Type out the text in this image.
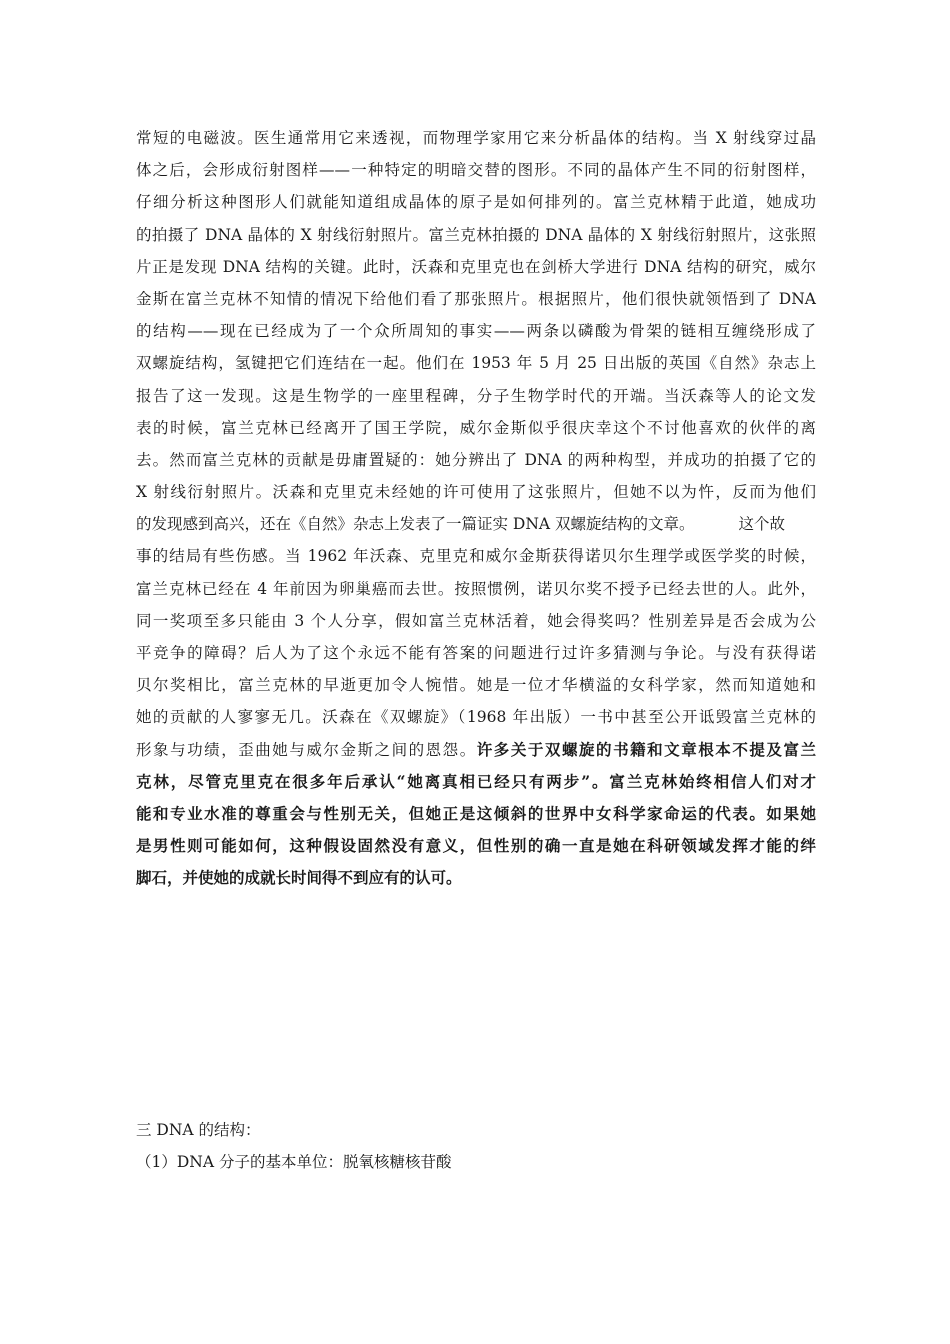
常短的电磁波。医生通常用它来透视，而物理学家用它来分析晶体的结构。当 X 射线穿过晶
体之后，会形成衍射图样——一种特定的明暗交替的图形。不同的晶体产生不同的衍射图样，
仔细分析这种图形人们就能知道组成晶体的原子是如何排列的。富兰克林精于此道，她成功
的拍摄了 DNA 晶体的 X 射线衍射照片。富兰克林拍摄的 DNA 晶体的 X 射线衍射照片，这张照
片正是发现 DNA 结构的关键。此时，沃森和克里克也在剑桥大学进行 DNA 结构的研究，威尔
金斯在富兰克林不知情的情况下给他们看了那张照片。根据照片，他们很快就领悟到了 DNA
的结构——现在已经成为了一个众所周知的事实——两条以磷酸为骨架的链相互缠绕形成了
双螺旋结构，氢键把它们连结在一起。他们在 1953 年 5 月 25 日出版的英国《自然》杂志上
报告了这一发现。这是生物学的一座里程碑，分子生物学时代的开端。当沃森等人的论文发
表的时候，富兰克林已经离开了国王学院，威尔金斯似乎很庆幸这个不讨他喜欢的伙伴的离
去。然而富兰克林的贡献是毋庸置疑的：她分辨出了 DNA 的两种构型，并成功的拍摄了它的
X 射线衍射照片。沃森和克里克未经她的许可使用了这张照片，但她不以为忤，反而为他们
的发现感到高兴，还在《自然》杂志上发表了一篇证实 DNA 双螺旋结构的文章。	这个故
事的结局有些伤感。当 1962 年沃森、克里克和威尔金斯获得诺贝尔生理学或医学奖的时候，
富兰克林已经在 4 年前因为卵巢癌而去世。按照惯例，诺贝尔奖不授予已经去世的人。此外，
同一奖项至多只能由 3 个人分享，假如富兰克林活着，她会得奖吗？性别差异是否会成为公
平竞争的障碍？后人为了这个永远不能有答案的问题进行过许多猜测与争论。与没有获得诺
贝尔奖相比，富兰克林的早逝更加令人惋惜。她是一位才华横溢的女科学家，然而知道她和
她的贡献的人寥寥无几。沃森在《双螺旋》（1968 年出版）一书中甚至公开诋毁富兰克林的
形象与功绩，歪曲她与威尔金斯之间的恩怨。许多关于双螺旋的书籍和文章根本不提及富兰
克林，尽管克里克在很多年后承认“她离真相已经只有两步”。富兰克林始终相信人们对才
能和专业水准的尊重会与性别无关，但她正是这倾斜的世界中女科学家命运的代表。如果她
是男性则可能如何，这种假设固然没有意义，但性别的确一直是她在科研领域发挥才能的绊
脚石，并使她的成就长时间得不到应有的认可。
三 DNA 的结构：
（1）DNA 分子的基本单位：脱氧核糖核苷酸
